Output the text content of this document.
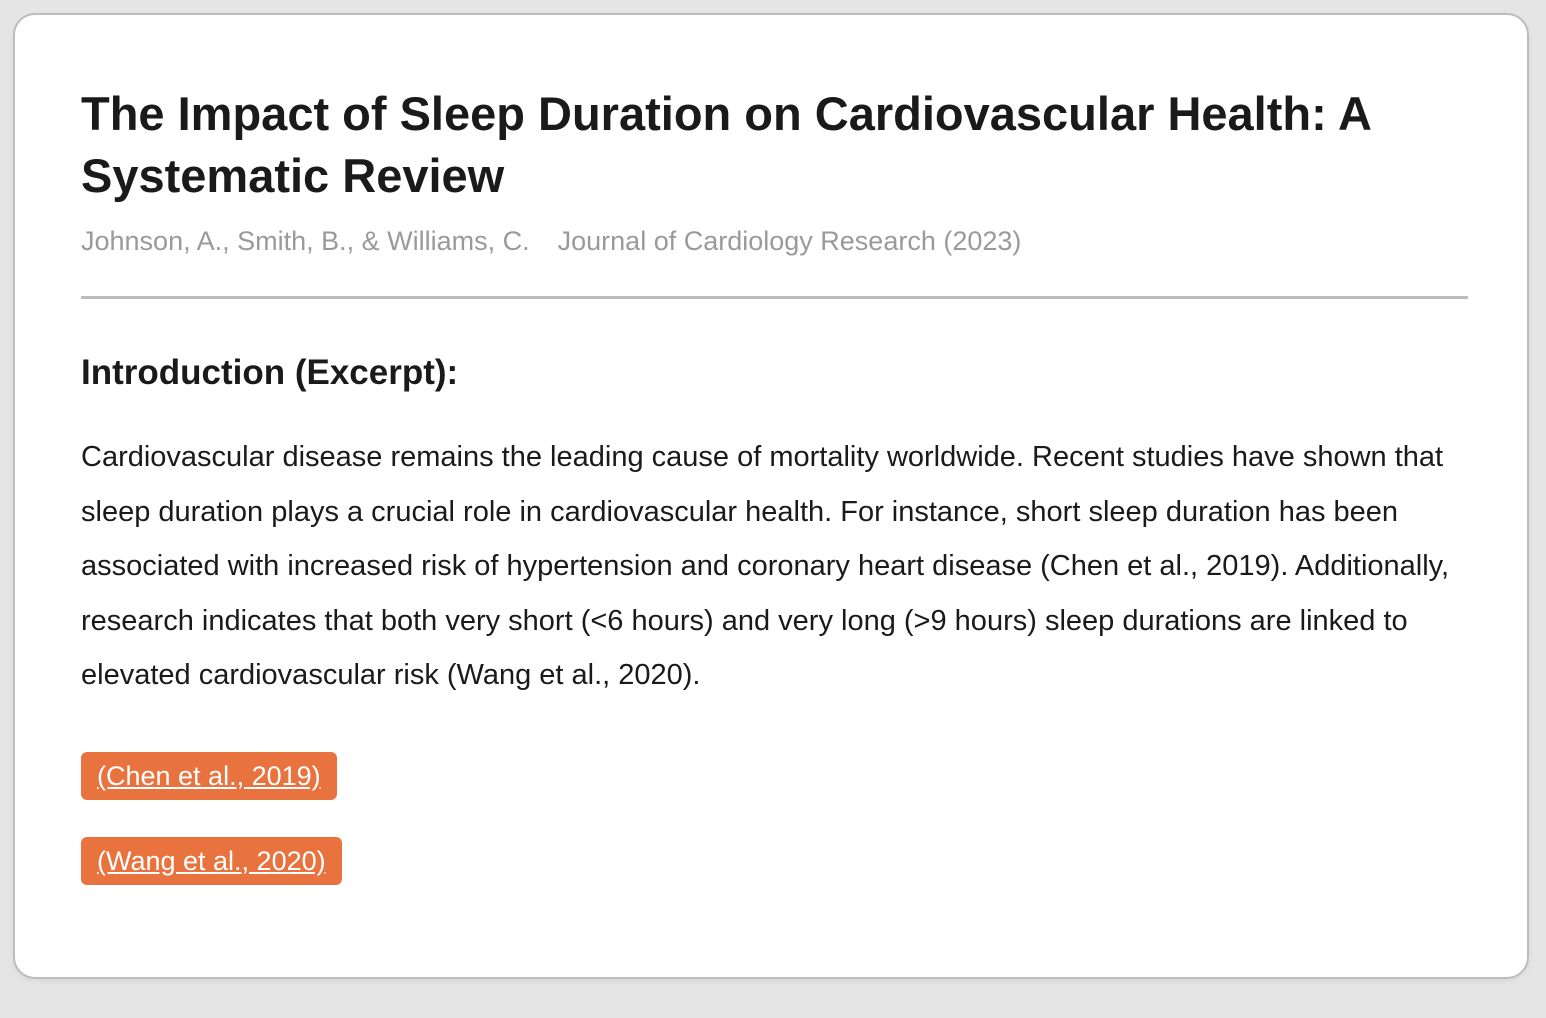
The Impact of Sleep Duration on Cardiovascular Health: A Systematic Review
Johnson, A., Smith, B., & Williams, C. Journal of Cardiology Research (2023)
Introduction (Excerpt):

Cardiovascular disease remains the leading cause of mortality worldwide. Recent studies have shown that sleep duration plays a crucial role in cardiovascular health. For instance, short sleep duration has been associated with increased risk of hypertension and coronary heart disease (Chen et al., 2019). Additionally, research indicates that both very short (<6 hours) and very long (>9 hours) sleep durations are linked to elevated cardiovascular risk (Wang et al., 2020).

(Chen et al., 2019)
(Wang et al., 2020)
